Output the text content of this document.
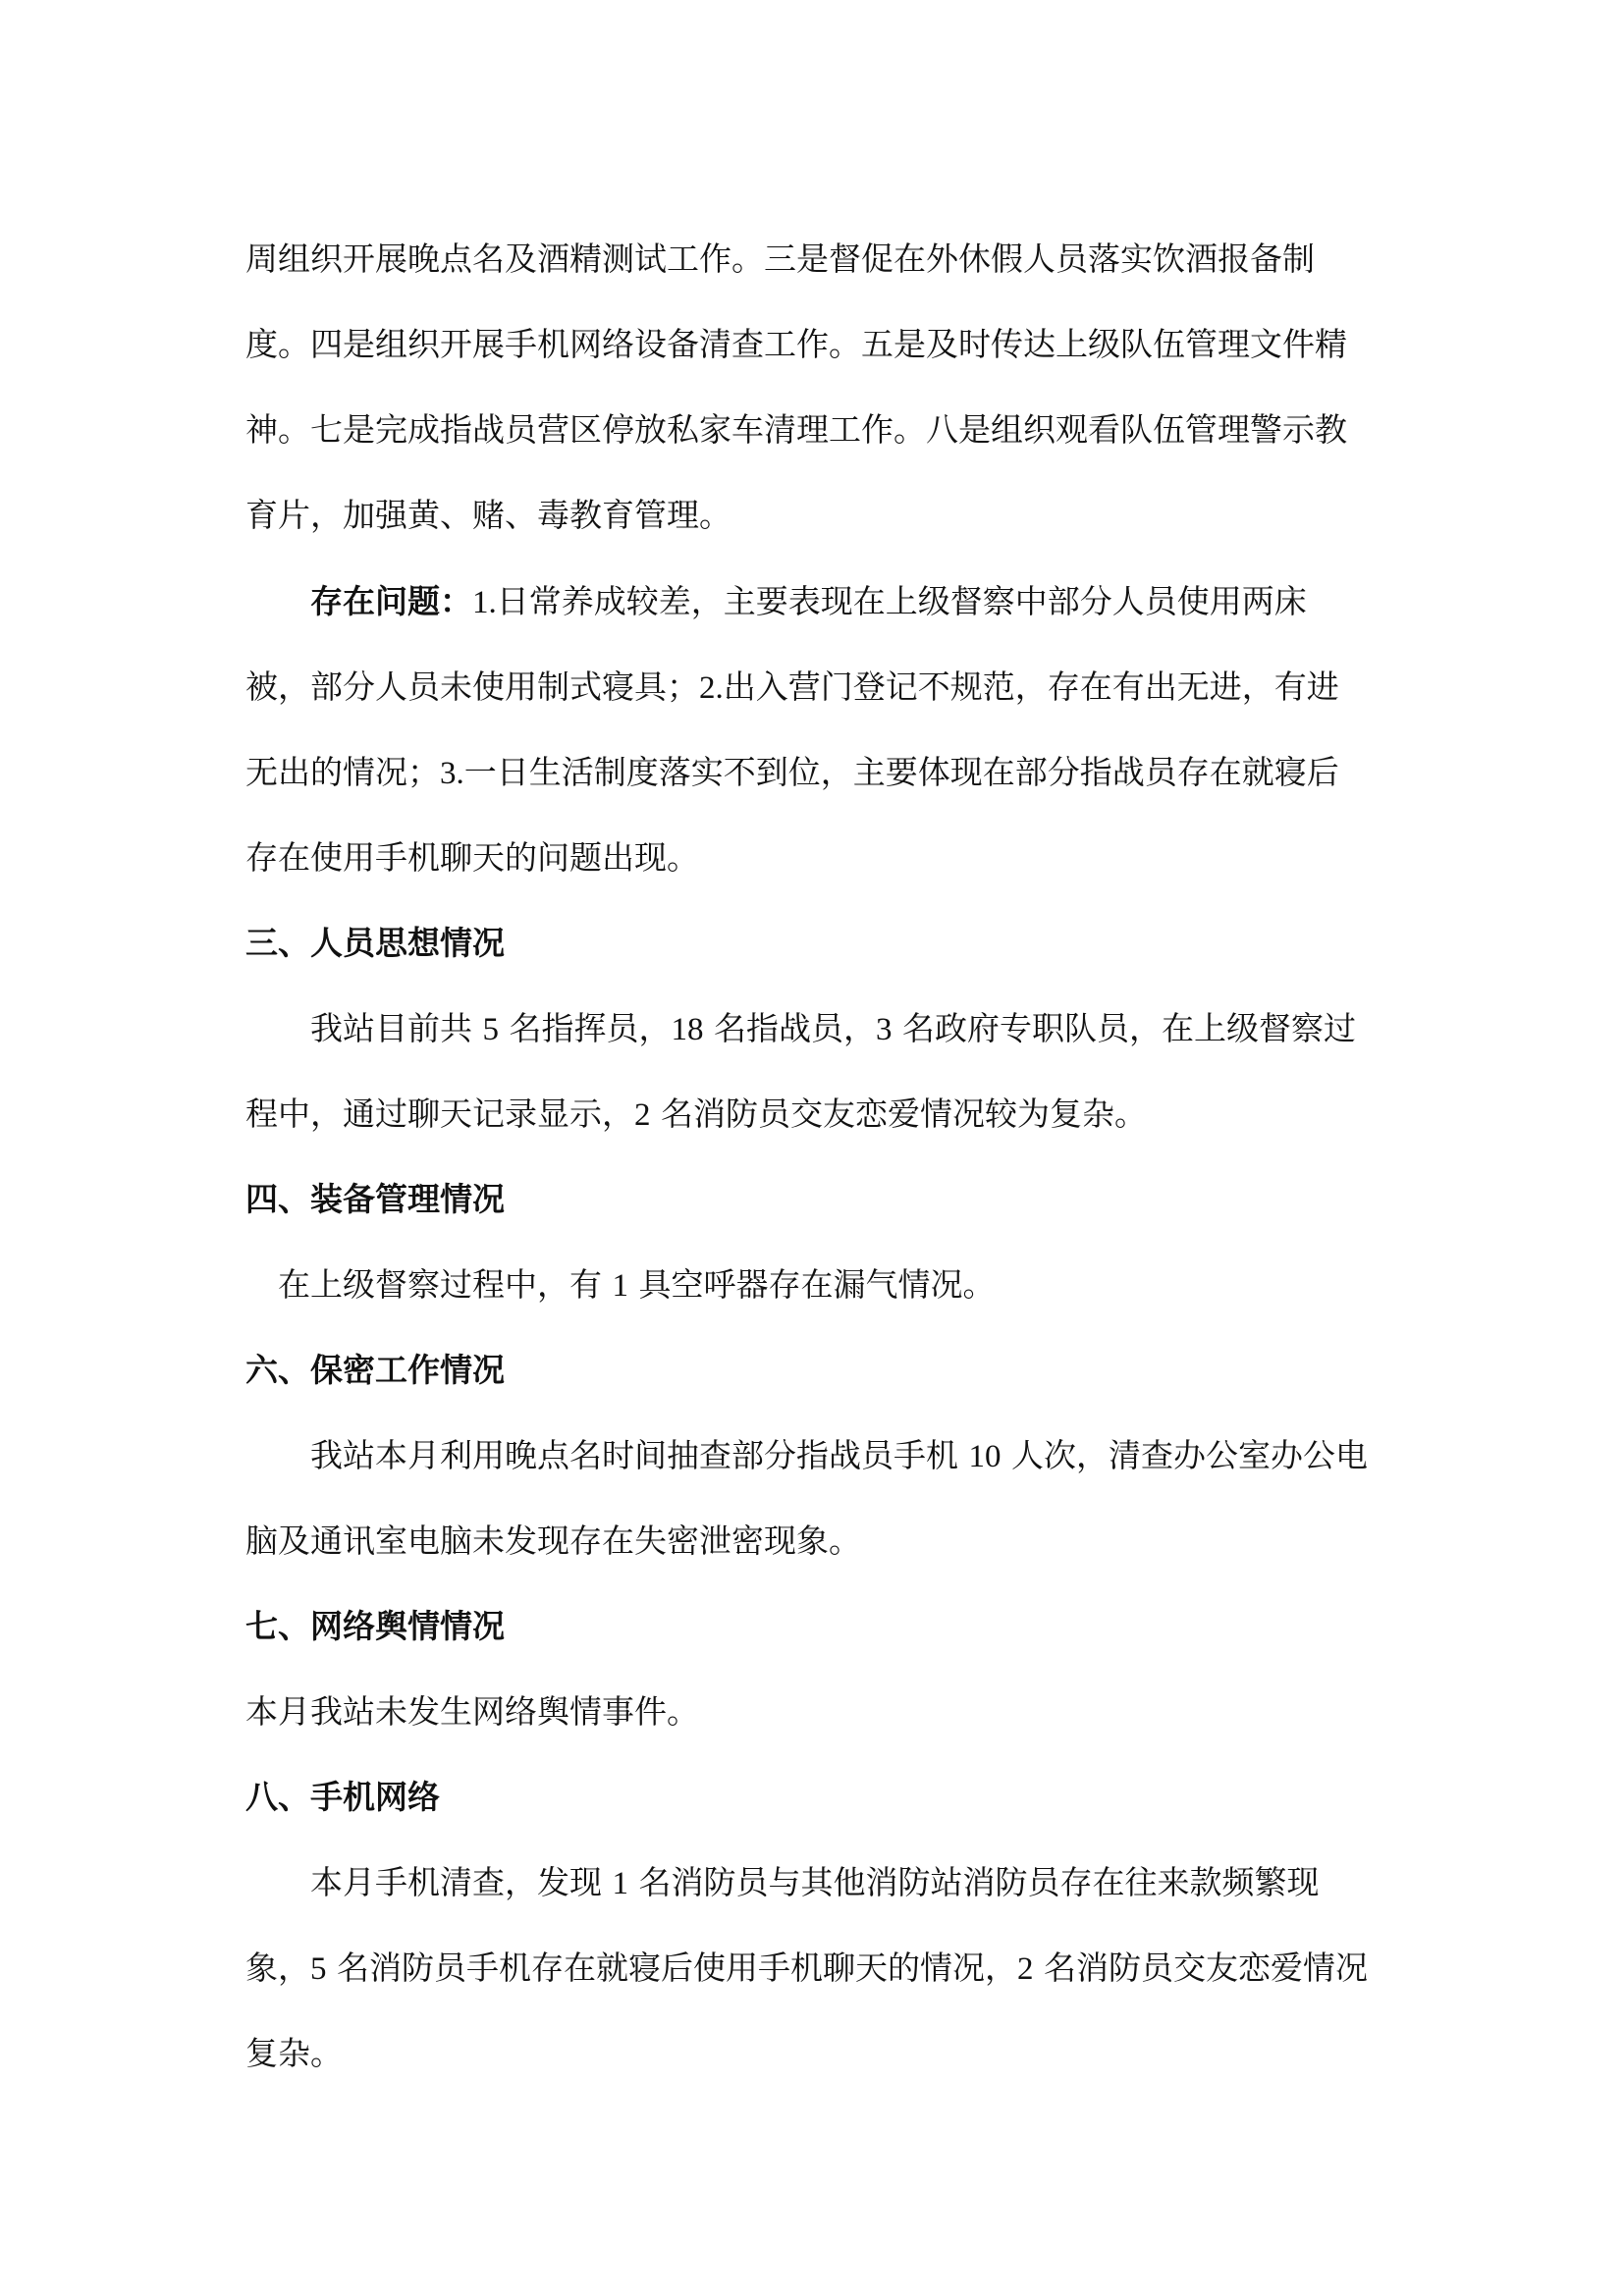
周组织开展晚点名及酒精测试工作。三是督促在外休假人员落实饮酒报备制
度。四是组织开展手机网络设备清查工作。五是及时传达上级队伍管理文件精
神。七是完成指战员营区停放私家车清理工作。八是组织观看队伍管理警示教
育片，加强黄、赌、毒教育管理。
存在问题：1.日常养成较差，主要表现在上级督察中部分人员使用两床
被，部分人员未使用制式寝具；2.出入营门登记不规范，存在有出无进，有进
无出的情况；3.一日生活制度落实不到位，主要体现在部分指战员存在就寝后
存在使用手机聊天的问题出现。
三、人员思想情况
我站目前共 5 名指挥员，18 名指战员，3 名政府专职队员，在上级督察过
程中，通过聊天记录显示，2 名消防员交友恋爱情况较为复杂。
四、装备管理情况
在上级督察过程中，有 1 具空呼器存在漏气情况。
六、保密工作情况
我站本月利用晚点名时间抽查部分指战员手机 10 人次，清查办公室办公电
脑及通讯室电脑未发现存在失密泄密现象。
七、网络舆情情况
本月我站未发生网络舆情事件。
八、手机网络
本月手机清查，发现 1 名消防员与其他消防站消防员存在往来款频繁现
象，5 名消防员手机存在就寝后使用手机聊天的情况，2 名消防员交友恋爱情况
复杂。
